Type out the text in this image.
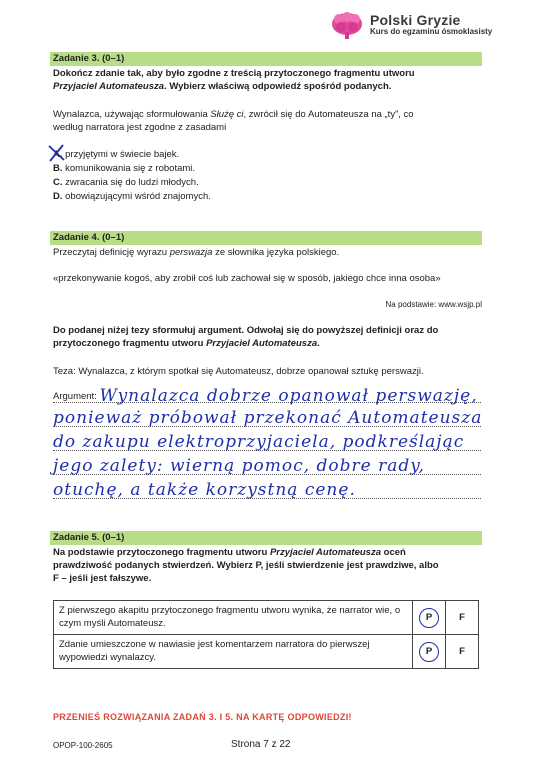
Polski Gryzie
Kurs do egzaminu ósmoklasisty
Zadanie 3. (0–1)
Dokończ zdanie tak, aby było zgodne z treścią przytoczonego fragmentu utworu
Przyjaciel Automateusza. Wybierz właściwą odpowiedź spośród podanych.
Wynalazca, używając sformułowania Służę ci, zwrócił się do Automateusza na „ty”, co
według narratora jest zgodne z zasadami
A. przyjętymi w świecie bajek.
B. komunikowania się z robotami.
C. zwracania się do ludzi młodych.
D. obowiązującymi wśród znajomych.
Zadanie 4. (0–1)
Przeczytaj definicję wyrazu perswazja ze słownika języka polskiego.
«przekonywanie kogoś, aby zrobił coś lub zachował się w sposób, jakiego chce inna osoba»
Na podstawie: www.wsjp.pl
Do podanej niżej tezy sformułuj argument. Odwołaj się do powyższej definicji oraz do
przytoczonego fragmentu utworu Przyjaciel Automateusza.
Teza: Wynalazca, z którym spotkał się Automateusz, dobrze opanował sztukę perswazji.
Argument: Wynalazca dobrze opanował perswazję,
ponieważ próbował przekonać Automateusza
do zakupu elektroprzyjaciela, podkreślając
jego zalety: wierną pomoc, dobre rady,
otuchę, a także korzystną cenę.
Zadanie 5. (0–1)
Na podstawie przytoczonego fragmentu utworu Przyjaciel Automateusza oceń
prawdziwość podanych stwierdzeń. Wybierz P, jeśli stwierdzenie jest prawdziwe, albo
F – jeśli jest fałszywe.
Z pierwszego akapitu przytoczonego fragmentu utworu wynika, że narrator wie, o czym myśli Automateusz.	P	F
Zdanie umieszczone w nawiasie jest komentarzem narratora do pierwszej wypowiedzi wynalazcy.	P	F
PRZENIEŚ ROZWIĄZANIA ZADAŃ 3. I 5. NA KARTĘ ODPOWIEDZI!
OPOP-100-2605	Strona 7 z 22
